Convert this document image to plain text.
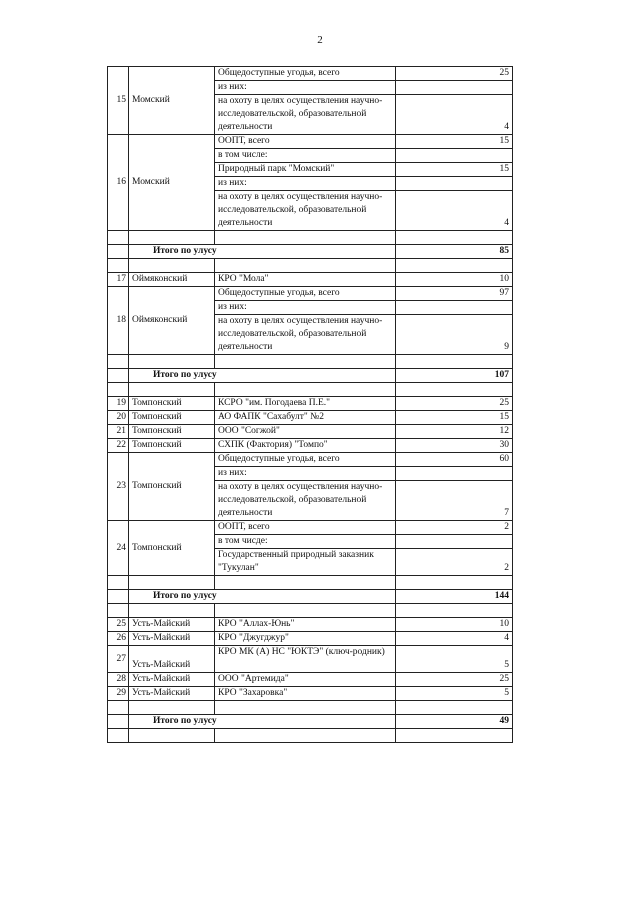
2
15	Момский	Общедоступные угодья, всего	25
		из них:	
		на охоту в целях осуществления научно-исследовательской, образовательной деятельности	4
16	Момский	ООПТ, всего	15
		в том числе:	
		Природный парк "Момский"	15
		из них:	
		на охоту в целях осуществления научно-исследовательской, образовательной деятельности	4

	Итого по улусу		85

17	Оймяконский	КРО "Мола"	10
18	Оймяконский	Общедоступные угодья, всего	97
		из них:	
		на охоту в целях осуществления научно-исследовательской, образовательной деятельности	9

	Итого по улусу		107

19	Томпонский	КСРО "им. Погодаева П.Е."	25
20	Томпонский	АО ФАПК "Сахабулт" №2	15
21	Томпонский	ООО "Согжой"	12
22	Томпонский	СХПК (Фактория) "Томпо"	30
23	Томпонский	Общедоступные угодья, всего	60
		из них:	
		на охоту в целях осуществления научно-исследовательской, образовательной деятельности	7
24	Томпонский	ООПТ, всего	2
		в том чисде:	
		Государственный природный заказник "Тукулан"	2

	Итого по улусу		144

25	Усть-Майский	КРО "Аллах-Юнь"	10
26	Усть-Майский	КРО "Джугджур"	4
27	Усть-Майский	КРО МК (А) НС "ЮКТЭ" (ключ-родник)	5
28	Усть-Майский	ООО "Артемида"	25
29	Усть-Майский	КРО "Захаровка"	5

	Итого по улусу		49
